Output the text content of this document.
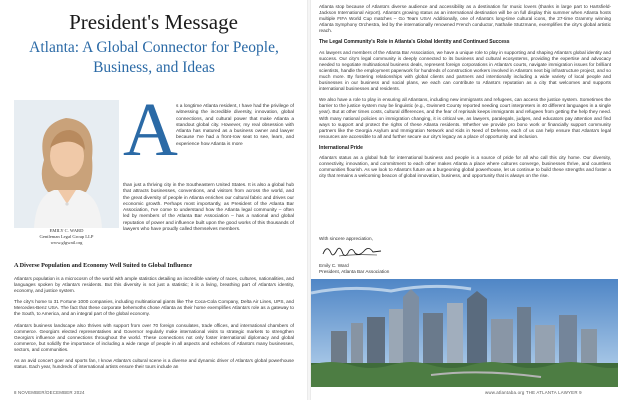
President's Message
Atlanta: A Global Connector for People, Business, and Ideas
EMILY C. WARD
Gentleman Legal Group LLP
www.glgwatl.org
A

s a longtime Atlanta resident, I have had the privilege of witnessing the incredible diversity, innovation, global connections, and cultural power that make Atlanta a standout global city. However, my real obsession with Atlanta has matured as a business owner and lawyer because I've had a front-row seat to see, learn, and experience how Atlanta is more

than just a thriving city in the Southeastern United States. It is also a global hub that attracts businesses, conventions, and visitors from across the world, and the great diversity of people in Atlanta enriches our cultural fabric and drives our economic growth. Perhaps most importantly, as President of the Atlanta Bar Association, I've come to understand how the Atlanta legal community – often led by members of the Atlanta Bar Association – has a national and global reputation of power and influence built upon the good works of this thousands of lawyers who have proudly called themselves members.

A Diverse Population and Economy Well Suited to Global Influence

Atlanta's population is a microcosm of the world with ample statistics detailing an incredible variety of races, cultures, nationalities, and languages spoken by Atlanta's residents. But this diversity is not just a statistic; it is a living, breathing part of Atlanta's identity, economy, and justice system.

The city's home to 31 Fortune 1000 companies, including multinational giants like The Coca-Cola Company, Delta Air Lines, UPS, and Mercedes-Benz USA. The fact that these corporate behemoths chose Atlanta as their home exemplifies Atlanta's role as a gateway to the South, to America, and an integral part of the global economy.

Atlanta's business landscape also thrives with support from over 70 foreign consulates, trade offices, and international chambers of commerce. Georgia's elected representatives and Governor regularly make international visits to strategic markets to strengthen Georgia's influence and connections throughout the world. These connections not only foster international diplomacy and global commerce, but solidify the importance of including a wide range of people in all aspects and echelons of Atlanta's many businesses, sectors, and communities.

As an avid concert goer and sports fan, I know Atlanta's cultural scene is a diverse and dynamic driver of Atlanta's global powerhouse status. Each year, hundreds of international artists ensure their tours include an

8 NOVEMBER/DECEMBER 2024

Atlanta stop because of Atlanta's diverse audience and accessibility as a destination for music lovers (thanks in large part to Hartsfield-Jackson International Airport). Atlanta's growing status as an international destination will be on full display this summer when Atlanta hosts multiple FIFA World Cup matches – Go Team USA! Additionally, one of Atlanta's long-time cultural icons, the 27-time Grammy winning Atlanta Symphony Orchestra, led by the internationally renowned French conductor, Nathalie Stutzmann, exemplifies the city's global artistic reach.

The Legal Community's Role in Atlanta's Global Identity and Continued Success

As lawyers and members of the Atlanta Bar Association, we have a unique role to play in supporting and shaping Atlanta's global identity and success. Our city's legal community is deeply connected to its business and cultural ecosystems, providing the expertise and advocacy needed to negotiate multinational business deals, represent foreign corporations in Atlanta's courts, navigate immigration issues for brilliant scientists, handle the employment paperwork for hundreds of construction workers involved in Atlanta's next big infrastructure project, and so much more. By fostering relationships with global clients and partners and intentionally including a wide variety of local people and businesses in our business and social plans, we each can contribute to Atlanta's reputation as a city that welcomes and supports international businesses and residents.

We also have a role to play in ensuring all Atlantans, including new immigrants and refugees, can access the justice system. Sometimes the barrier to the justice system may be linguistic (e.g., Gwinnett County reported needing court interpreters in 40 different languages in a single year). But at other times costs, cultural differences, and the fear of reprisals keeps immigrants and refugees from getting the help they need. With many national policies on immigration changing, it is critical we, as lawyers, paralegals, judges, and educators pay attention and find ways to support and protect the rights of these Atlanta residents. Whether we provide pro bono work or financially support community partners like the Georgia Asylum and Immigration Network and Kids in Need of Defense, each of us can help ensure that Atlanta's legal resources are accessible to all and further secure our city's legacy as a place of opportunity and inclusion.

International Pride

Atlanta's status as a global hub for international business and people is a source of pride for all who call this city home. Our diversity, connectivity, innovation, and commitment to each other makes Atlanta a place where cultures converge, businesses thrive, and countless communities flourish. As we look to Atlanta's future as a burgeoning global powerhouse, let us continue to build these strengths and foster a city that remains a welcoming beacon of global innovation, business, and opportunity that is always on the rise.

With sincere appreciation,
Emily C. Ward
President, Atlanta Bar Association
www.atlantaba.org THE ATLANTA LAWYER 9
